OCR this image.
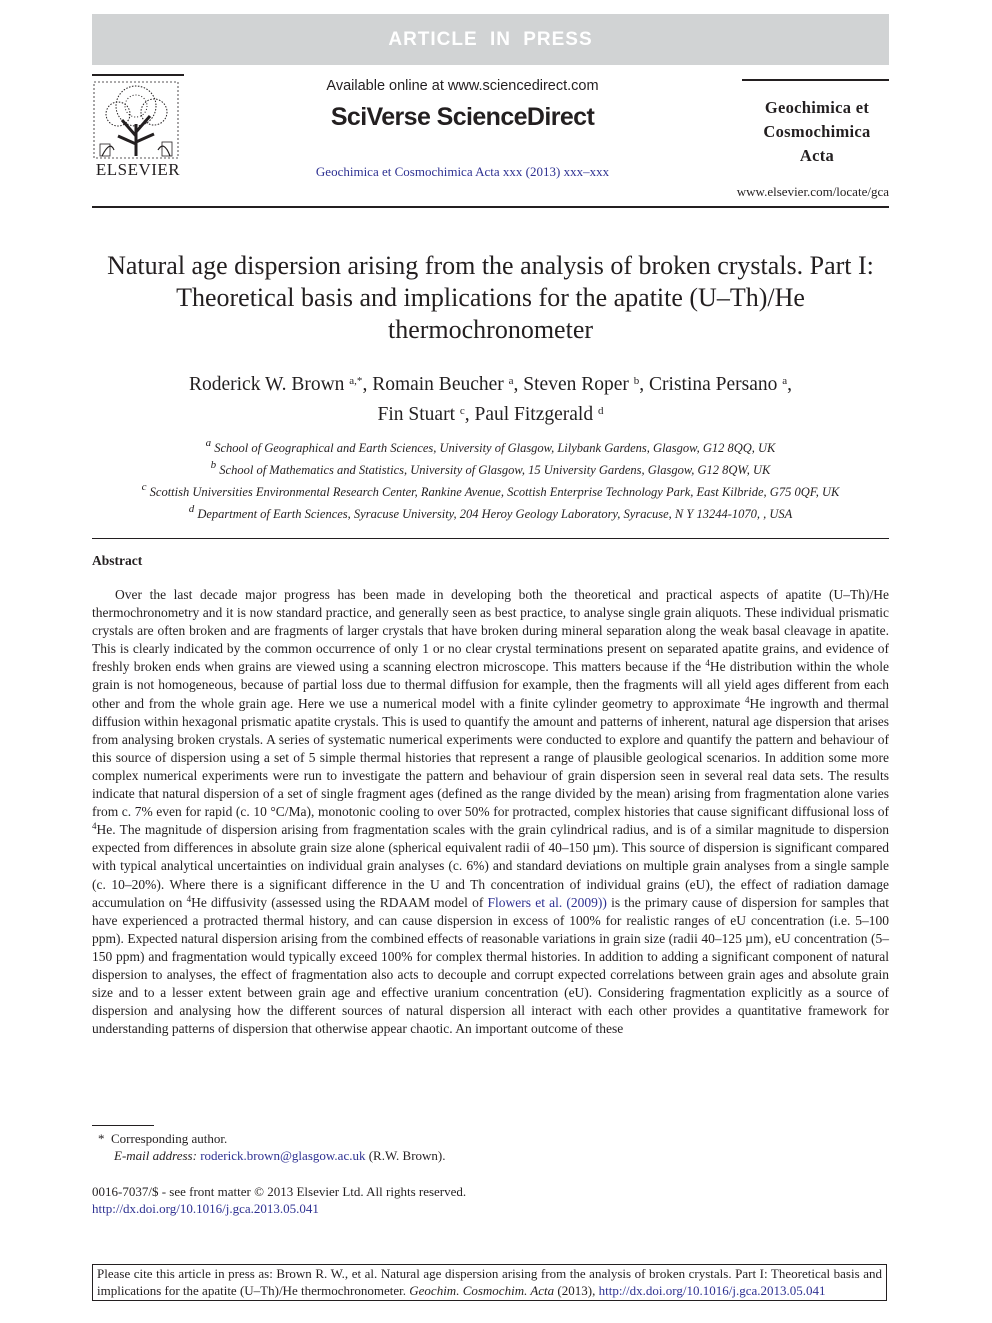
ARTICLE IN PRESS
ELSEVIER
Available online at www.sciencedirect.com
SciVerse ScienceDirect
Geochimica et Cosmochimica Acta xxx (2013) xxx–xxx
Geochimica et
Cosmochimica
Acta
www.elsevier.com/locate/gca
Natural age dispersion arising from the analysis of broken crystals. Part I: Theoretical basis and implications for the apatite (U–Th)/He thermochronometer
Roderick W. Brown $^{a,*}$, Romain Beucher $^a$, Steven Roper $^b$, Cristina Persano $^a$,
Fin Stuart $^c$, Paul Fitzgerald $^d$
$^a$ School of Geographical and Earth Sciences, University of Glasgow, Lilybank Gardens, Glasgow, G12 8QQ, UK
$^b$ School of Mathematics and Statistics, University of Glasgow, 15 University Gardens, Glasgow, G12 8QW, UK
$^c$ Scottish Universities Environmental Research Center, Rankine Avenue, Scottish Enterprise Technology Park, East Kilbride, G75 0QF, UK
$^d$ Department of Earth Sciences, Syracuse University, 204 Heroy Geology Laboratory, Syracuse, N Y 13244-1070, , USA
Abstract
Over the last decade major progress has been made in developing both the theoretical and practical aspects of apatite (U–Th)/He thermochronometry and it is now standard practice, and generally seen as best practice, to analyse single grain aliquots. These individual prismatic crystals are often broken and are fragments of larger crystals that have broken during mineral separation along the weak basal cleavage in apatite. This is clearly indicated by the common occurrence of only 1 or no clear crystal terminations present on separated apatite grains, and evidence of freshly broken ends when grains are viewed using a scanning electron microscope. This matters because if the $^4$He distribution within the whole grain is not homogeneous, because of partial loss due to thermal diffusion for example, then the fragments will all yield ages different from each other and from the whole grain age. Here we use a numerical model with a finite cylinder geometry to approximate $^4$He ingrowth and thermal diffusion within hexagonal prismatic apatite crystals. This is used to quantify the amount and patterns of inherent, natural age dispersion that arises from analysing broken crystals. A series of systematic numerical experiments were conducted to explore and quantify the pattern and behaviour of this source of dispersion using a set of 5 simple thermal histories that represent a range of plausible geological scenarios. In addition some more complex numerical experiments were run to investigate the pattern and behaviour of grain dispersion seen in several real data sets. The results indicate that natural dispersion of a set of single fragment ages (defined as the range divided by the mean) arising from fragmentation alone varies from c. 7% even for rapid (c. 10 °C/Ma), monotonic cooling to over 50% for protracted, complex histories that cause significant diffusional loss of $^4$He. The magnitude of dispersion arising from fragmentation scales with the grain cylindrical radius, and is of a similar magnitude to dispersion expected from differences in absolute grain size alone (spherical equivalent radii of 40–150 µm). This source of dispersion is significant compared with typical analytical uncertainties on individual grain analyses (c. 6%) and standard deviations on multiple grain analyses from a single sample (c. 10–20%). Where there is a significant difference in the U and Th concentration of individual grains (eU), the effect of radiation damage accumulation on $^4$He diffusivity (assessed using the RDAAM model of Flowers et al. (2009)) is the primary cause of dispersion for samples that have experienced a protracted thermal history, and can cause dispersion in excess of 100% for realistic ranges of eU concentration (i.e. 5–100 ppm). Expected natural dispersion arising from the combined effects of reasonable variations in grain size (radii 40–125 µm), eU concentration (5–150 ppm) and fragmentation would typically exceed 100% for complex thermal histories. In addition to adding a significant component of natural dispersion to analyses, the effect of fragmentation also acts to decouple and corrupt expected correlations between grain ages and absolute grain size and to a lesser extent between grain age and effective uranium concentration (eU). Considering fragmentation explicitly as a source of dispersion and analysing how the different sources of natural dispersion all interact with each other provides a quantitative framework for understanding patterns of dispersion that otherwise appear chaotic. An important outcome of these
* Corresponding author.
E-mail address: roderick.brown@glasgow.ac.uk (R.W. Brown).
0016-7037/$ - see front matter © 2013 Elsevier Ltd. All rights reserved.
http://dx.doi.org/10.1016/j.gca.2013.05.041
Please cite this article in press as: Brown R. W., et al. Natural age dispersion arising from the analysis of broken crystals. Part I: Theoretical basis and implications for the apatite (U–Th)/He thermochronometer. Geochim. Cosmochim. Acta (2013), http://dx.doi.org/10.1016/j.gca.2013.05.041
